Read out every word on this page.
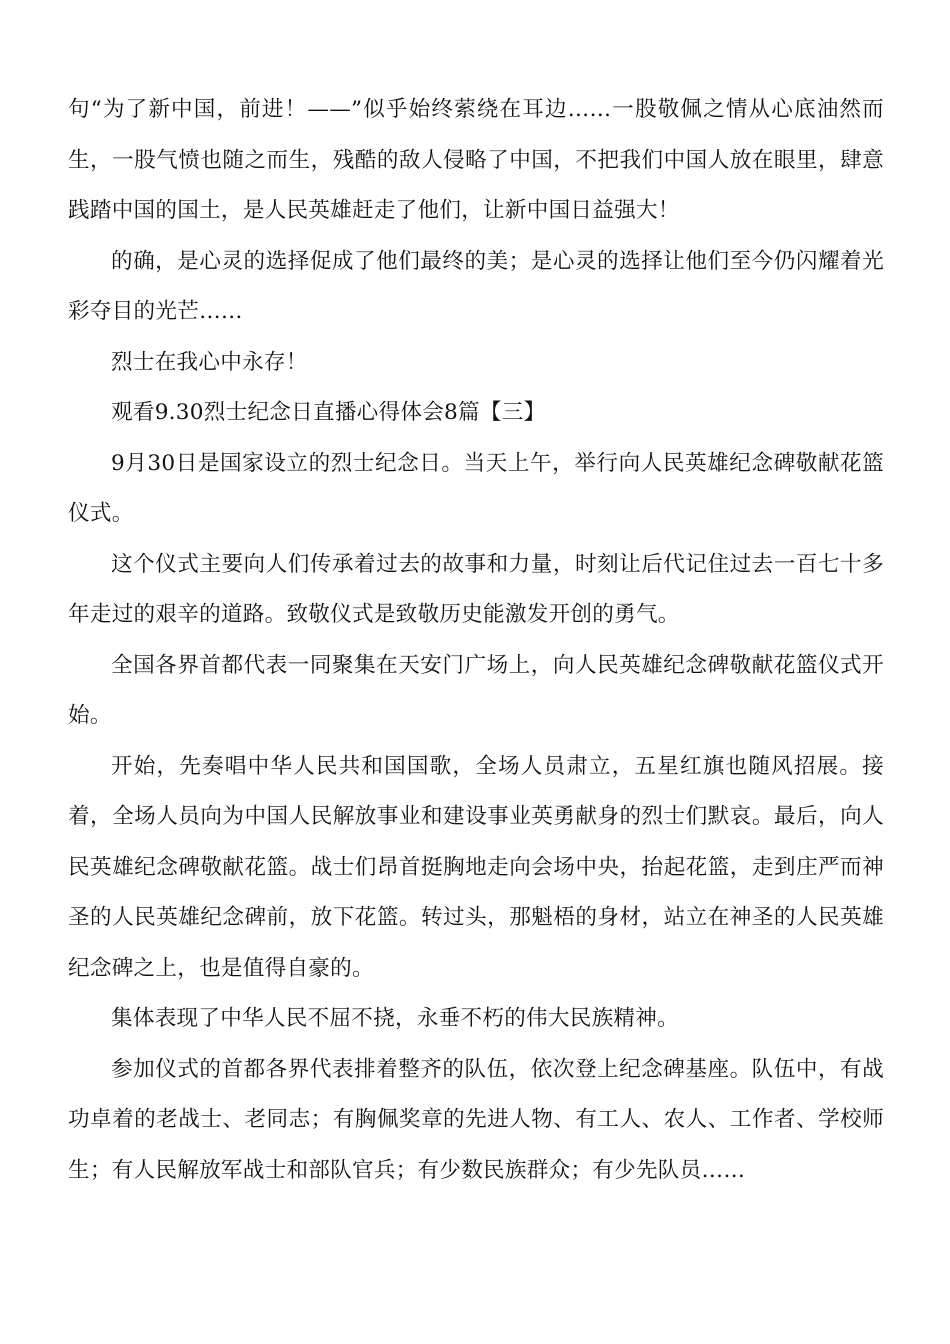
句“为了新中国，前进！——”似乎始终萦绕在耳边……一股敬佩之情从心底油然而生，一股气愤也随之而生，残酷的敌人侵略了中国，不把我们中国人放在眼里，肆意践踏中国的国土，是人民英雄赶走了他们，让新中国日益强大！

的确，是心灵的选择促成了他们最终的美；是心灵的选择让他们至今仍闪耀着光彩夺目的光芒……

烈士在我心中永存！

观看9.30烈士纪念日直播心得体会8篇【三】

9月30日是国家设立的烈士纪念日。当天上午，举行向人民英雄纪念碑敬献花篮仪式。

这个仪式主要向人们传承着过去的故事和力量，时刻让后代记住过去一百七十多年走过的艰辛的道路。致敬仪式是致敬历史能激发开创的勇气。

全国各界首都代表一同聚集在天安门广场上，向人民英雄纪念碑敬献花篮仪式开始。

开始，先奏唱中华人民共和国国歌，全场人员肃立，五星红旗也随风招展。接着，全场人员向为中国人民解放事业和建设事业英勇献身的烈士们默哀。最后，向人民英雄纪念碑敬献花篮。战士们昂首挺胸地走向会场中央，抬起花篮，走到庄严而神圣的人民英雄纪念碑前，放下花篮。转过头，那魁梧的身材，站立在神圣的人民英雄纪念碑之上，也是值得自豪的。

集体表现了中华人民不屈不挠，永垂不朽的伟大民族精神。

参加仪式的首都各界代表排着整齐的队伍，依次登上纪念碑基座。队伍中，有战功卓着的老战士、老同志；有胸佩奖章的先进人物、有工人、农人、工作者、学校师生；有人民解放军战士和部队官兵；有少数民族群众；有少先队员……
